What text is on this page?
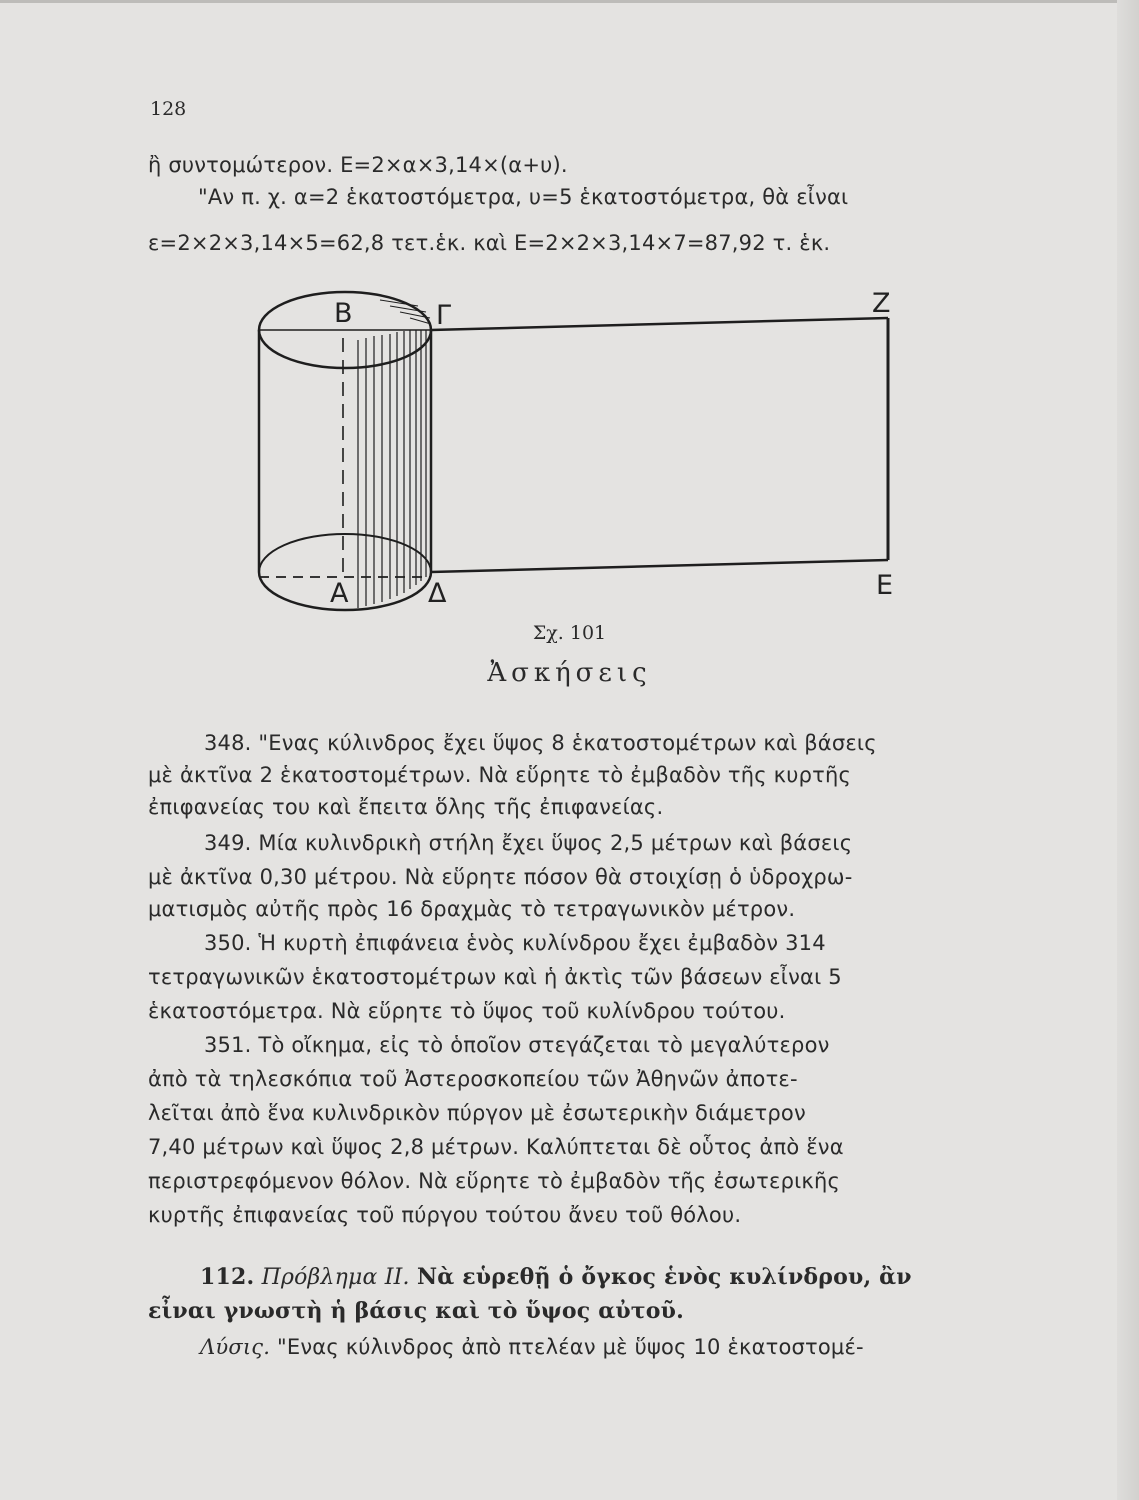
128
ἢ συντομώτερον. Ε=2×α×3,14×(α+υ).
"Αν π. χ. α=2 ἑκατοστόμετρα, υ=5 ἑκατοστόμετρα, θὰ εἶναι
ε=2×2×3,14×5=62,8 τετ.ἑκ. καὶ Ε=2×2×3,14×7=87,92 τ. ἑκ.
Β	Γ	Ζ
Α	Δ	Ε
Σχ. 101
Ἀσκήσεις
348. "Ενας κύλινδρος ἔχει ὕψος 8 ἑκατοστομέτρων καὶ βάσεις
μὲ ἀκτῖνα 2 ἑκατοστομέτρων. Νὰ εὕρητε τὸ ἐμβαδὸν τῆς κυρτῆς
ἐπιφανείας του καὶ ἔπειτα ὅλης τῆς ἐπιφανείας.
349. Μία κυλινδρικὴ στήλη ἔχει ὕψος 2,5 μέτρων καὶ βάσεις
μὲ ἀκτῖνα 0,30 μέτρου. Νὰ εὕρητε πόσον θὰ στοιχίσῃ ὁ ὑδροχρω-
ματισμὸς αὐτῆς πρὸς 16 δραχμὰς τὸ τετραγωνικὸν μέτρον.
350. Ἡ κυρτὴ ἐπιφάνεια ἑνὸς κυλίνδρου ἔχει ἐμβαδὸν 314
τετραγωνικῶν ἑκατοστομέτρων καὶ ἡ ἀκτὶς τῶν βάσεων εἶναι 5
ἑκατοστόμετρα. Νὰ εὕρητε τὸ ὕψος τοῦ κυλίνδρου τούτου.
351. Τὸ οἴκημα, εἰς τὸ ὁποῖον στεγάζεται τὸ μεγαλύτερον
ἀπὸ τὰ τηλεσκόπια τοῦ Ἀστεροσκοπείου τῶν Ἀθηνῶν ἀποτε-
λεῖται ἀπὸ ἕνα κυλινδρικὸν πύργον μὲ ἐσωτερικὴν διάμετρον
7,40 μέτρων καὶ ὕψος 2,8 μέτρων. Καλύπτεται δὲ οὗτος ἀπὸ ἕνα
περιστρεφόμενον θόλον. Νὰ εὕρητε τὸ ἐμβαδὸν τῆς ἐσωτερικῆς
κυρτῆς ἐπιφανείας τοῦ πύργου τούτου ἄνευ τοῦ θόλου.
112. Πρόβλημα ΙΙ. Νὰ εὑρεθῇ ὁ ὄγκος ἑνὸς κυλίνδρου, ἂν
εἶναι γνωστὴ ἡ βάσις καὶ τὸ ὕψος αὐτοῦ.
Λύσις. "Ενας κύλινδρος ἀπὸ πτελέαν μὲ ὕψος 10 ἑκατοστομέ-
